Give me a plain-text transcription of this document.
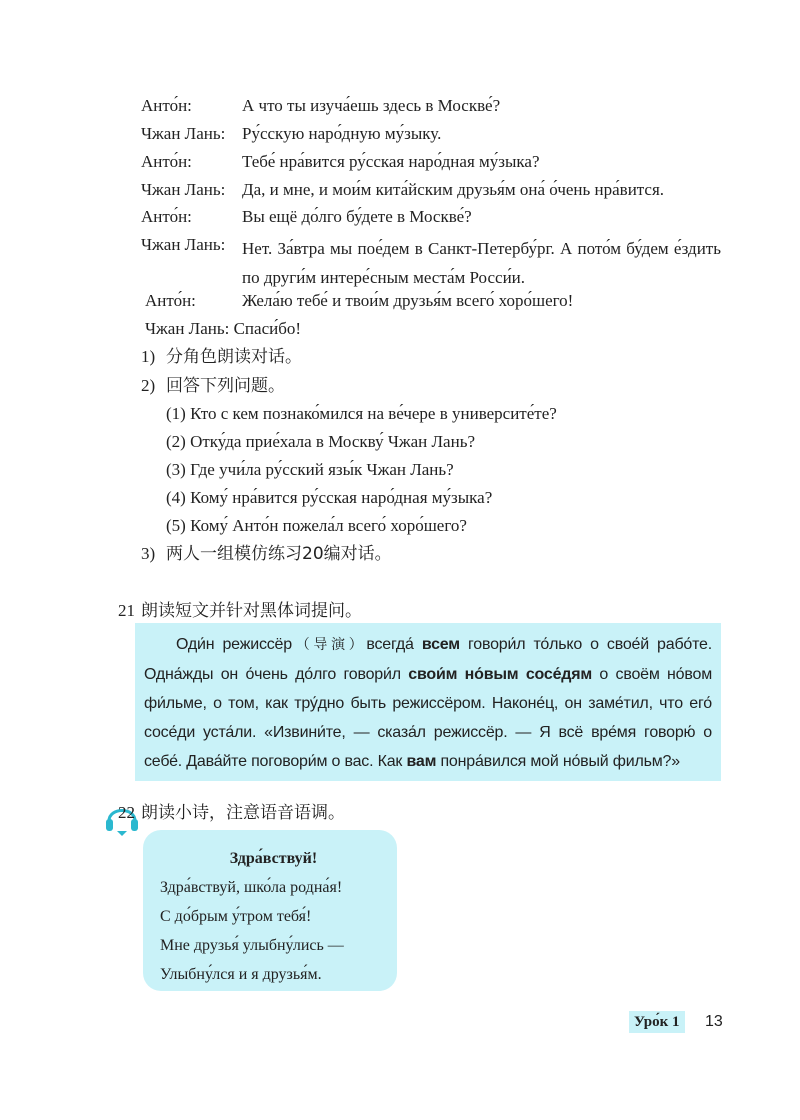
Анто́н:	А что ты изуча́ешь здесь в Москве́?
Чжан Лань: Ру́сскую наро́дную му́зыку.
Анто́н:	Тебе́ нра́вится ру́сская наро́дная му́зыка?
Чжан Лань: Да, и мне, и мои́м кита́йским друзья́м она́ о́чень нра́вится.
Анто́н:	Вы ещё до́лго бу́дете в Москве́?
Чжан Лань: Нет. За́втра мы пое́дем в Санкт-Петербу́рг. А пото́м бу́дем е́здить по други́м интере́сным места́м Росси́и.
Анто́н:	Жела́ю тебе́ и твои́м друзья́м всего́ хоро́шего!
Чжан Лань: Спаси́бо!
1) 分角色朗读对话。
2) 回答下列问题。
(1) Кто с кем познако́мился на ве́чере в университе́те?
(2) Отку́да прие́хала в Москву́ Чжан Лань?
(3) Где учи́ла ру́сский язы́к Чжан Лань?
(4) Кому́ нра́вится ру́сская наро́дная му́зыка?
(5) Кому́ Анто́н пожела́л всего́ хоро́шего?
3) 两人一组模仿练习20编对话。
21 朗读短文并针对黑体词提问。

Оди́н режиссёр（导演）всегда́ всем говори́л то́лько о свое́й рабо́те. Одна́жды он о́чень до́лго говори́л свои́м но́вым сосе́дям о своём но́вом фи́льме, о том, как тру́дно быть режиссёром. Наконе́ц, он заме́тил, что его́ сосе́ди уста́ли. «Извини́те, — сказа́л режиссёр. — Я всё вре́мя говорю́ о себе́. Дава́йте поговори́м о вас. Как вам понра́вился мой но́вый фильм?»

22 朗读小诗，注意语音语调。
Здра́вствуй!
Здра́вствуй, шко́ла родна́я!
С до́брым у́тром тебя́!
Мне друзья́ улыбну́лись —
Улыбну́лся и я друзья́м.
Уро́к 1	13
